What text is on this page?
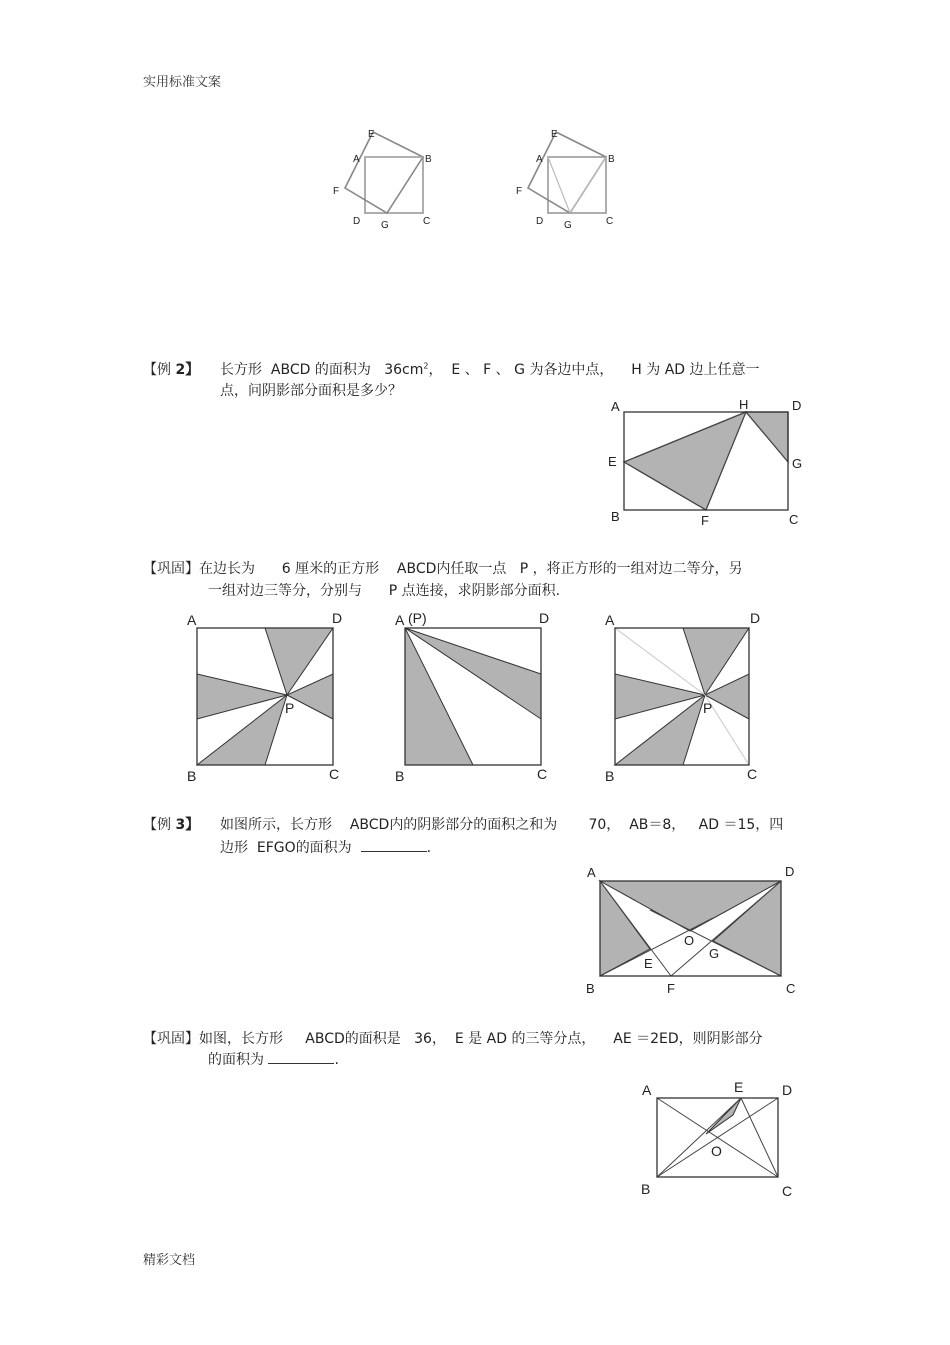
实用标准文案
精彩文档
E
A	B
F
D G	C
E
A	B
F
D G	C
【例 2】 长方形 ABCD 的面积为 $36cm^2$， E 、 F 、 G 为各边中点， H 为 AD 边上任意一
点，问阴影部分面积是多少？
A	H	D
E	G
B	F	C
【巩固】在边长为 6 厘米的正方形 ABCD内任取一点 P ，将正方形的一组对边二等分，另
一组对边三等分，分别与 P 点连接，求阴影部分面积.
A	D
P
B	C
A (P)	D
B	C
A	D
P
B	C
【例 3】 如图所示，长方形 ABCD内的阴影部分的面积之和为 70， AB＝8， AD ＝15，四
边形 EFGO的面积为	.
A	D
O
G
E
B	F	C
【巩固】如图，长方形 ABCD的面积是 36， E 是 AD 的三等分点， AE ＝2ED，则阴影部分
的面积为	.
A	E	D
O
B	C
